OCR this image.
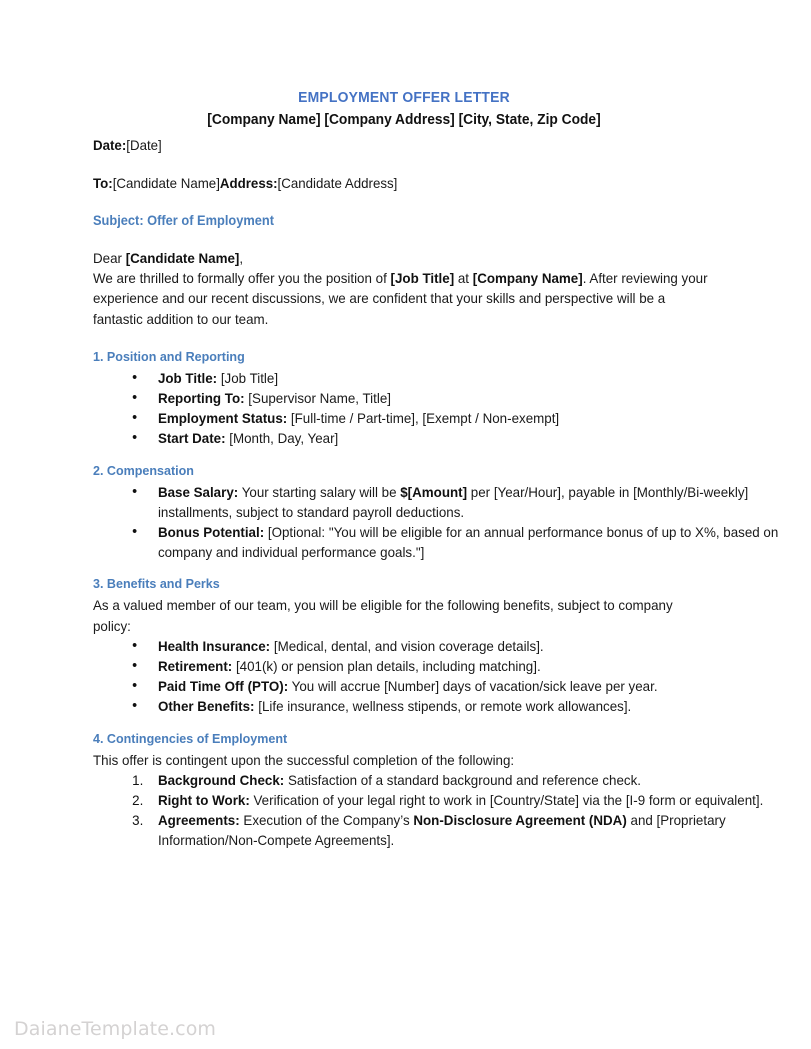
EMPLOYMENT OFFER LETTER
[Company Name] [Company Address] [City, State, Zip Code]
Date:[Date]
To:[Candidate Name]Address:[Candidate Address]
Subject: Offer of Employment
Dear [Candidate Name],
We are thrilled to formally offer you the position of [Job Title] at [Company Name]. After reviewing your experience and our recent discussions, we are confident that your skills and perspective will be a fantastic addition to our team.
1. Position and Reporting
• Job Title: [Job Title]
• Reporting To: [Supervisor Name, Title]
• Employment Status: [Full-time / Part-time], [Exempt / Non-exempt]
• Start Date: [Month, Day, Year]
2. Compensation
• Base Salary: Your starting salary will be $[Amount] per [Year/Hour], payable in [Monthly/Bi-weekly] installments, subject to standard payroll deductions.
• Bonus Potential: [Optional: "You will be eligible for an annual performance bonus of up to X%, based on company and individual performance goals."]
3. Benefits and Perks
As a valued member of our team, you will be eligible for the following benefits, subject to company policy:
• Health Insurance: [Medical, dental, and vision coverage details].
• Retirement: [401(k) or pension plan details, including matching].
• Paid Time Off (PTO): You will accrue [Number] days of vacation/sick leave per year.
• Other Benefits: [Life insurance, wellness stipends, or remote work allowances].
4. Contingencies of Employment
This offer is contingent upon the successful completion of the following:
1.	Background Check: Satisfaction of a standard background and reference check.
2.	Right to Work: Verification of your legal right to work in [Country/State] via the [I-9 form or equivalent].
3.	Agreements: Execution of the Company’s Non-Disclosure Agreement (NDA) and [Proprietary Information/Non-Compete Agreements].
DaianeTemplate.com
